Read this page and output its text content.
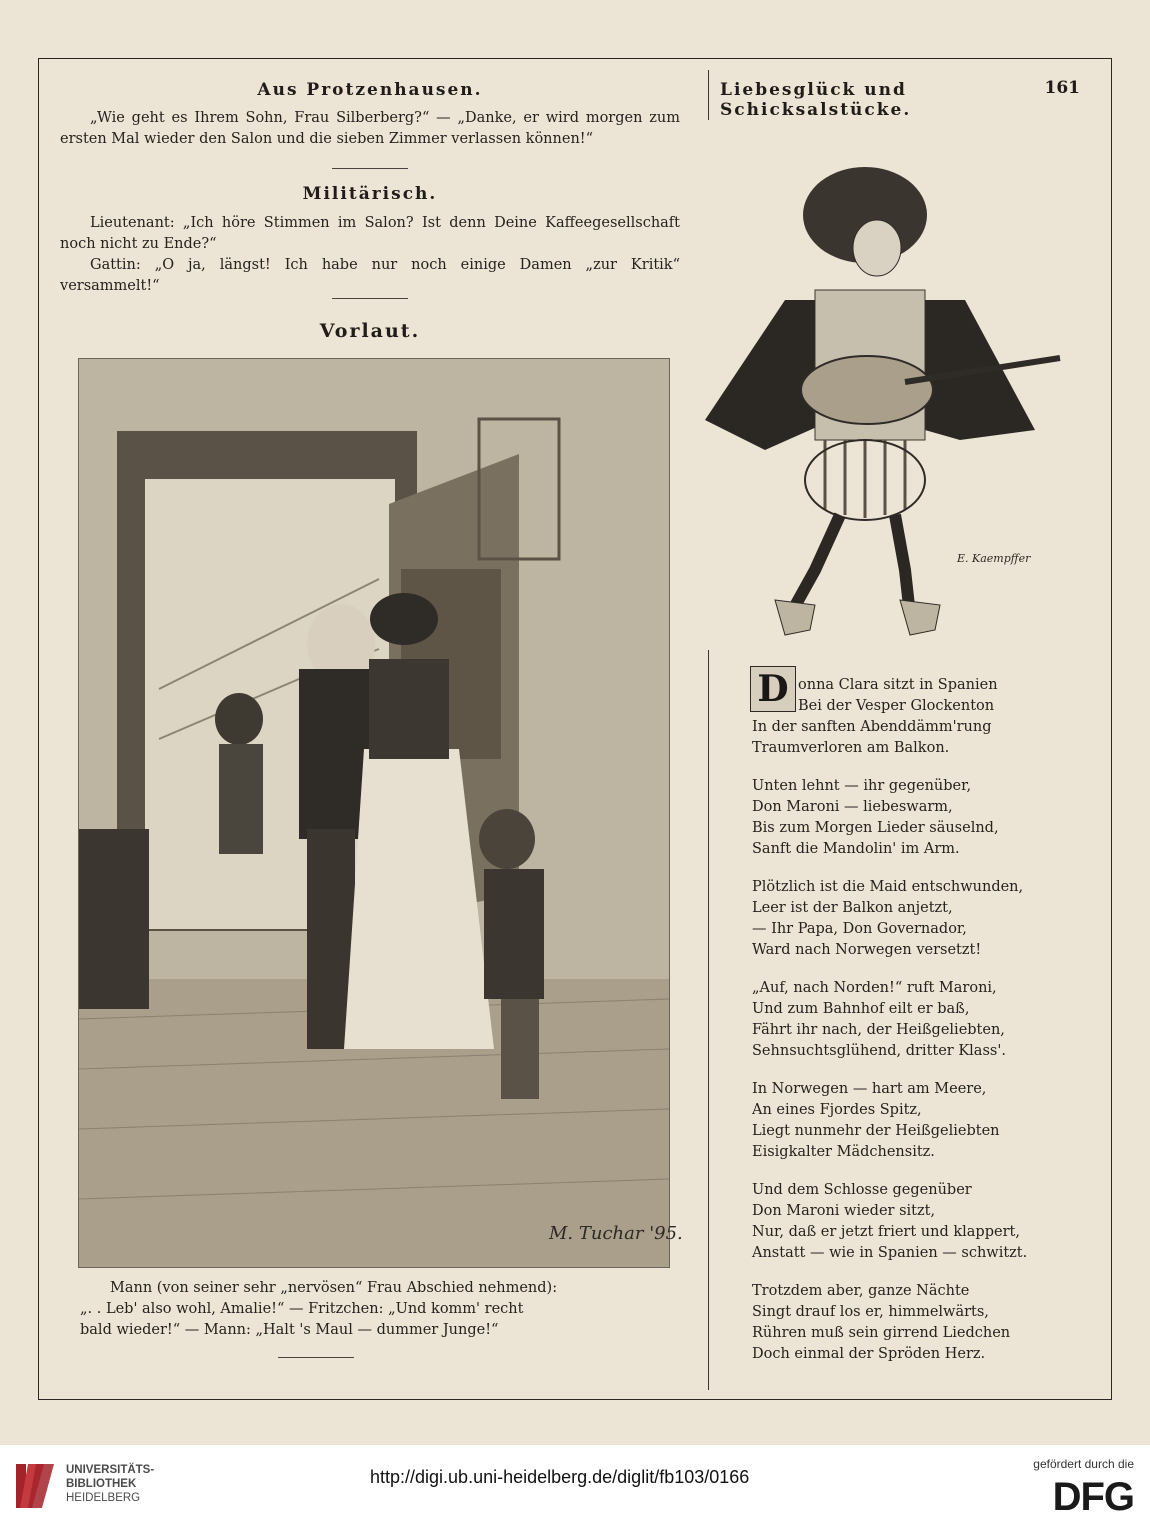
Aus Protzenhausen.

„Wie geht es Ihrem Sohn, Frau Silberberg?“ — „Danke, er wird morgen zum ersten Mal wieder den Salon und die sieben Zimmer verlassen können!“

Militärisch.

Lieutenant: „Ich höre Stimmen im Salon? Ist denn Deine Kaffeegesellschaft noch nicht zu Ende?“

Gattin: „O ja, längst! Ich habe nur noch einige Damen „zur Kritik“ versammelt!“

Vorlaut.
M. Tuchar '95.

Mann (von seiner sehr „nervösen“ Frau Abschied nehmend):

„. . Leb' also wohl, Amalie!“ — Fritzchen: „Und komm' recht

bald wieder!“ — Mann: „Halt 's Maul — dummer Junge!“

Liebesglück und Schicksalstücke.
161
E. Kaempffer
D onna Clara sitzt in Spanien
Bei der Vesper Glockenton
In der sanften Abenddämm'rung
Traumverloren am Balkon.
Unten lehnt — ihr gegenüber,
Don Maroni — liebeswarm,
Bis zum Morgen Lieder säuselnd,
Sanft die Mandolin' im Arm.
Plötzlich ist die Maid entschwunden,
Leer ist der Balkon anjetzt,
— Ihr Papa, Don Governador,
Ward nach Norwegen versetzt!
„Auf, nach Norden!“ ruft Maroni,
Und zum Bahnhof eilt er baß,
Fährt ihr nach, der Heißgeliebten,
Sehnsuchtsglühend, dritter Klass'.
In Norwegen — hart am Meere,
An eines Fjordes Spitz,
Liegt nunmehr der Heißgeliebten
Eisigkalter Mädchensitz.
Und dem Schlosse gegenüber
Don Maroni wieder sitzt,
Nur, daß er jetzt friert und klappert,
Anstatt — wie in Spanien — schwitzt.
Trotzdem aber, ganze Nächte
Singt drauf los er, himmelwärts,
Rühren muß sein girrend Liedchen
Doch einmal der Spröden Herz.
UNIVERSITÄTS-
BIBLIOTHEK
HEIDELBERG
http://digi.ub.uni-heidelberg.de/diglit/fb103/0166
gefördert durch die
DFG
